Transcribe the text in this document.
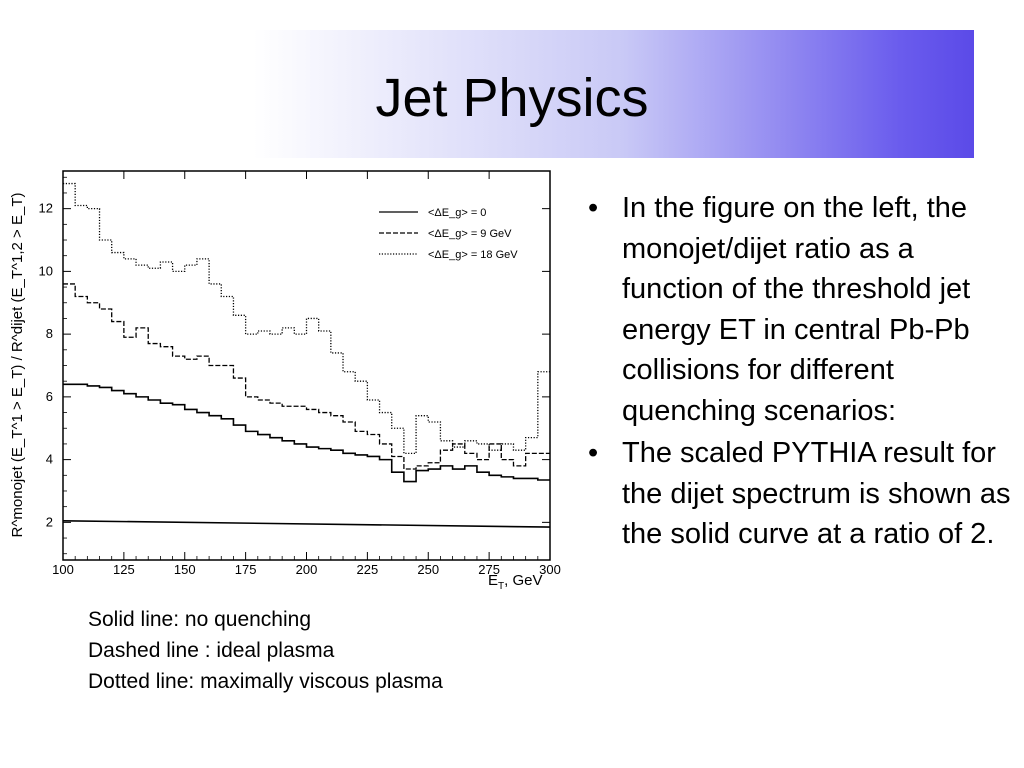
Jet Physics
100	125	150	175	200	225	250	275	300
2
4
6
8
10
12	<ΔE_g> = 0
<ΔE_g> = 9 GeV
<ΔE_g> = 18 GeV
R^monojet (E_T^1 > E_T) / R^dijet (E_T^1,2 > E_T)
$E_T$, GeV
Solid line: no quenching
Dashed line : ideal plasma
Dotted line: maximally viscous plasma
• In the figure on the left, the monojet/dijet ratio as a function of the threshold jet energy ET in central Pb-Pb collisions for different quenching scenarios:
• The scaled PYTHIA result for the dijet spectrum is shown as the solid curve at a ratio of 2.
